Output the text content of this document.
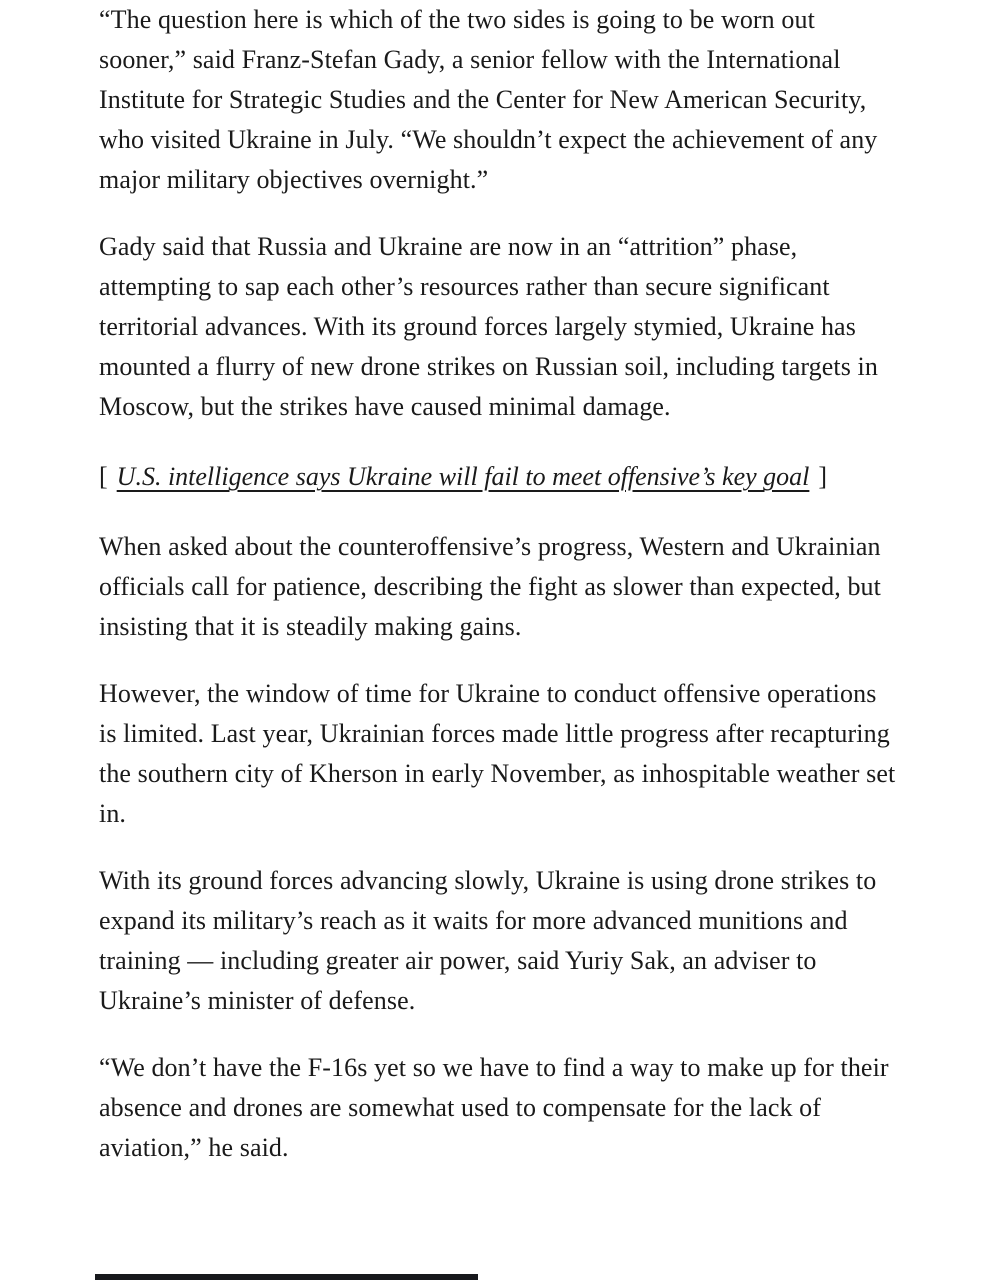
“The question here is which of the two sides is going to be worn out sooner,” said Franz-Stefan Gady, a senior fellow with the International Institute for Strategic Studies and the Center for New American Security, who visited Ukraine in July. “We shouldn’t expect the achievement of any major military objectives overnight.”

Gady said that Russia and Ukraine are now in an “attrition” phase, attempting to sap each other’s resources rather than secure significant territorial advances. With its ground forces largely stymied, Ukraine has mounted a flurry of new drone strikes on Russian soil, including targets in Moscow, but the strikes have caused minimal damage.

[ U.S. intelligence says Ukraine will fail to meet offensive’s key goal ]

When asked about the counteroffensive’s progress, Western and Ukrainian officials call for patience, describing the fight as slower than expected, but insisting that it is steadily making gains.

However, the window of time for Ukraine to conduct offensive operations is limited. Last year, Ukrainian forces made little progress after recapturing the southern city of Kherson in early November, as inhospitable weather set in.

With its ground forces advancing slowly, Ukraine is using drone strikes to expand its military’s reach as it waits for more advanced munitions and training — including greater air power, said Yuriy Sak, an adviser to Ukraine’s minister of defense.

“We don’t have the F-16s yet so we have to find a way to make up for their absence and drones are somewhat used to compensate for the lack of aviation,” he said.
